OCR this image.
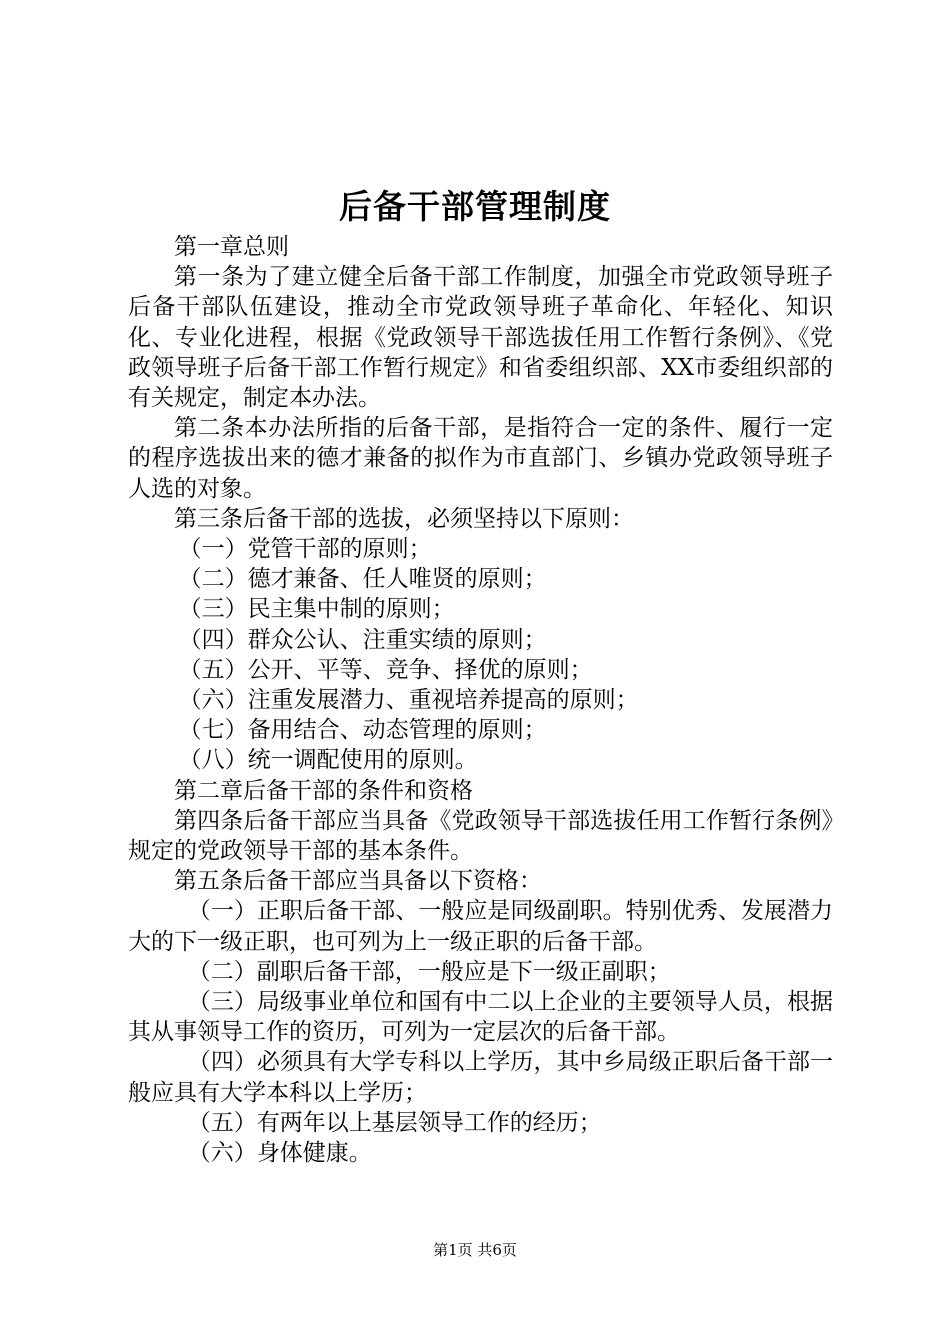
后备干部管理制度

第一章总则

第一条为了建立健全后备干部工作制度，加强全市党政领导班子后备干部队伍建设，推动全市党政领导班子革命化、年轻化、知识化、专业化进程，根据《党政领导干部选拔任用工作暂行条例》、《党政领导班子后备干部工作暂行规定》和省委组织部、XX市委组织部的有关规定，制定本办法。

第二条本办法所指的后备干部，是指符合一定的条件、履行一定的程序选拔出来的德才兼备的拟作为市直部门、乡镇办党政领导班子人选的对象。

第三条后备干部的选拔，必须坚持以下原则：

（一）党管干部的原则；

（二）德才兼备、任人唯贤的原则；

（三）民主集中制的原则；

（四）群众公认、注重实绩的原则；

（五）公开、平等、竞争、择优的原则；

（六）注重发展潜力、重视培养提高的原则；

（七）备用结合、动态管理的原则；

（八）统一调配使用的原则。

第二章后备干部的条件和资格

第四条后备干部应当具备《党政领导干部选拔任用工作暂行条例》规定的党政领导干部的基本条件。

第五条后备干部应当具备以下资格：

（一）正职后备干部、一般应是同级副职。特别优秀、发展潜力大的下一级正职，也可列为上一级正职的后备干部。

（二）副职后备干部，一般应是下一级正副职；

（三）局级事业单位和国有中二以上企业的主要领导人员，根据其从事领导工作的资历，可列为一定层次的后备干部。

（四）必须具有大学专科以上学历，其中乡局级正职后备干部一般应具有大学本科以上学历；

（五）有两年以上基层领导工作的经历；

（六）身体健康。

第1页 共6页
